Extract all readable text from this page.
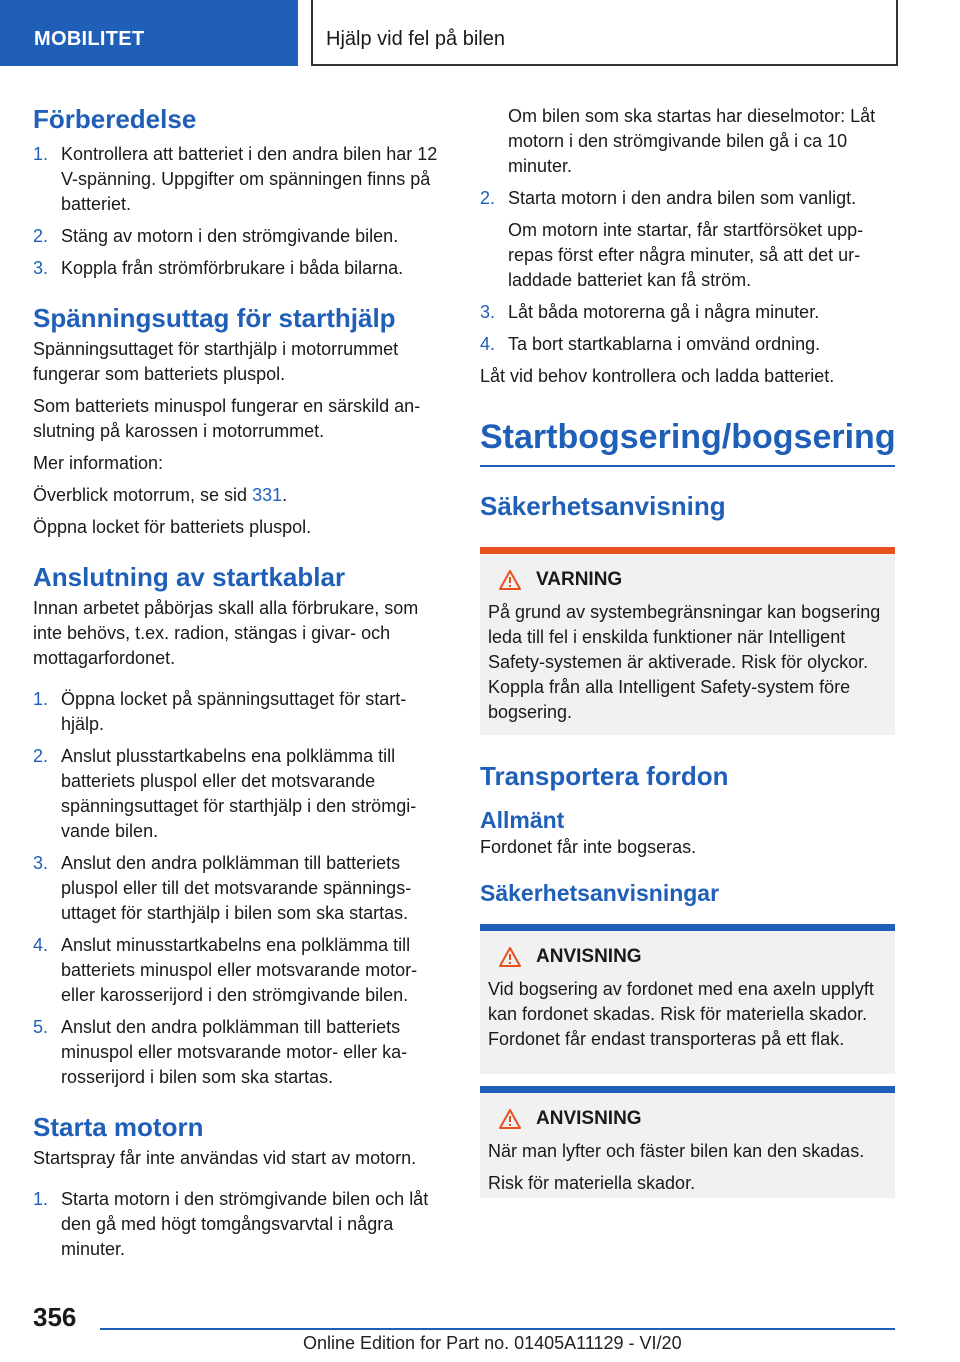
MOBILITET	Hjälp vid fel på bilen
Förberedelse
1. Kontrollera att batteriet i den andra bilen har 12 V-spänning. Uppgifter om spänningen finns på batteriet.
2. Stäng av motorn i den strömgivande bilen.
3. Koppla från strömförbrukare i båda bilarna.
Spänningsuttag för starthjälp

Spänningsuttaget för starthjälp i motorrummet fungerar som batteriets pluspol.

Som batteriets minuspol fungerar en särskild anslutning på karossen i motorrummet.

Mer information:

Överblick motorrum, se sid 331.

Öppna locket för batteriets pluspol.

Anslutning av startkablar

Innan arbetet påbörjas skall alla förbrukare, som inte behövs, t.ex. radion, stängas i givar- och mottagarfordonet.

1. Öppna locket på spänningsuttaget för starthjälp.
2. Anslut plusstartkabelns ena polklämma till batteriets pluspol eller det motsvarande spänningsuttaget för starthjälp i den strömgivande bilen.
3. Anslut den andra polklämman till batteriets pluspol eller till det motsvarande spänningsuttaget för starthjälp i bilen som ska startas.
4. Anslut minusstartkabelns ena polklämma till batteriets minuspol eller motsvarande motor- eller karosserijord i den strömgivande bilen.
5. Anslut den andra polklämman till batteriets minuspol eller motsvarande motor- eller karosserijord i bilen som ska startas.
Starta motorn

Startspray får inte användas vid start av motorn.

1. Starta motorn i den strömgivande bilen och låt den gå med högt tomgångsvarvtal i några minuter.
Om bilen som ska startas har dieselmotor: Låt motorn i den strömgivande bilen gå i ca 10 minuter.
2. Starta motorn i den andra bilen som vanligt.
Om motorn inte startar, får startförsöket upprepas först efter några minuter, så att det urladdade batteriet kan få ström.
3. Låt båda motorerna gå i några minuter.
4. Ta bort startkablarna i omvänd ordning.

Låt vid behov kontrollera och ladda batteriet.

Startbogsering/bogsering
Säkerhetsanvisning
VARNING

På grund av systembegränsningar kan bogsering leda till fel i enskilda funktioner när Intelligent Safety-systemen är aktiverade. Risk för olyckor. Koppla från alla Intelligent Safety-system före bogsering.

Transportera fordon
Allmänt

Fordonet får inte bogseras.

Säkerhetsanvisningar
ANVISNING

Vid bogsering av fordonet med ena axeln upplyft kan fordonet skadas. Risk för materiella skador. Fordonet får endast transporteras på ett flak.

ANVISNING

När man lyfter och fäster bilen kan den skadas.

Risk för materiella skador.

356
Online Edition for Part no. 01405A11129 - VI/20
